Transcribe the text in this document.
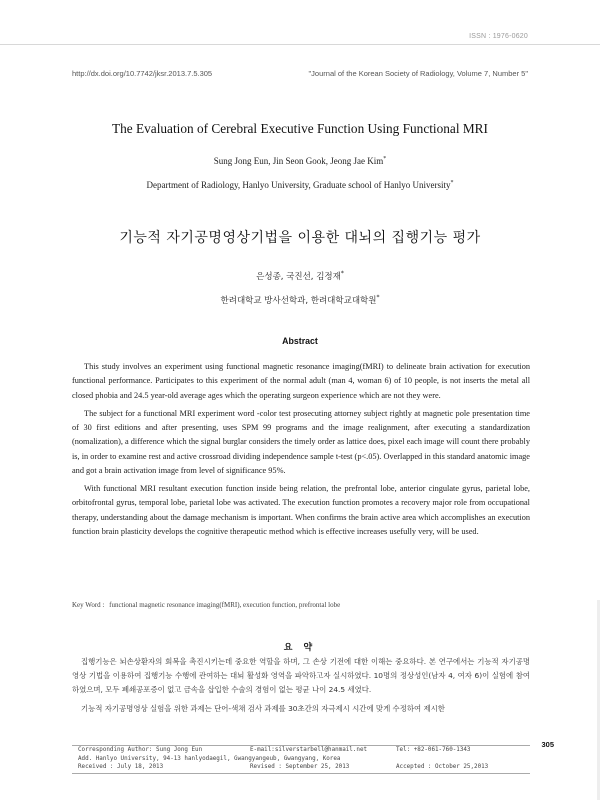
ISSN : 1976-0620
http://dx.doi.org/10.7742/jksr.2013.7.5.305	"Journal of the Korean Society of Radiology, Volume 7, Number 5"
The Evaluation of Cerebral Executive Function Using Functional MRI
Sung Jong Eun, Jin Seon Gook, Jeong Jae Kim*
Department of Radiology, Hanlyo University, Graduate school of Hanlyo University*
기능적 자기공명영상기법을 이용한 대뇌의 집행기능 평가
은성종, 국진선, 김정재*
한려대학교 방사선학과, 한려대학교대학원*
Abstract

This study involves an experiment using functional magnetic resonance imaging(fMRI) to delineate brain activation for execution functional performance. Participates to this experiment of the normal adult (man 4, woman 6) of 10 people, is not inserts the metal all closed phobia and 24.5 year-old average ages which the operating surgeon experience which are not they were.

The subject for a functional MRI experiment word -color test prosecuting attorney subject rightly at magnetic pole presentation time of 30 first editions and after presenting, uses SPM 99 programs and the image realignment, after executing a standardization (nomalization), a difference which the signal burglar considers the timely order as lattice does, pixel each image will count there probably is, in order to examine rest and active crossroad dividing independence sample t-test (p<.05). Overlapped in this standard anatomic image and got a brain activation image from level of significance 95%.

With functional MRI resultant execution function inside being relation, the prefrontal lobe, anterior cingulate gyrus, parietal lobe, orbitofrontal gyrus, temporal lobe, parietal lobe was activated. The execution function promotes a recovery major role from occupational therapy, understanding about the damage mechanism is important. When confirms the brain active area which accomplishes an execution function brain plasticity develops the cognitive therapeutic method which is effective increases usefully very, will be used.

Key Word : functional magnetic resonance imaging(fMRI), execution function, prefrontal lobe
요 약

집행기능은 뇌손상환자의 회복을 촉진시키는데 중요한 역할을 하며, 그 손상 기전에 대한 이해는 중요하다. 본 연구에서는 기능적 자기공명 영상 기법을 이용하여 집행기능 수행에 관여하는 대뇌 활성화 영역을 파악하고자 실시하였다. 10명의 정상성인(남자 4, 여자 6)이 실험에 참여하였으며, 모두 폐쇄공포증이 없고 금속을 삽입한 수술의 경험이 없는 평균 나이 24.5 세였다.

기능적 자기공명영상 실험을 위한 과제는 단어-색채 검사 과제를 30초간의 자극제시 시간에 맞게 수정하여 제시한

305
Corresponding Author: Sung Jong Eun	E-mail:silverstarbell@hanmail.net	Tel: +82-061-760-1343
Add. Hanlyo University, 94-13 hanlyodaegil, Gwangyangeub, Gwangyang, Korea
Received : July 18, 2013	Revised : September 25, 2013	Accepted : October 25,2013
